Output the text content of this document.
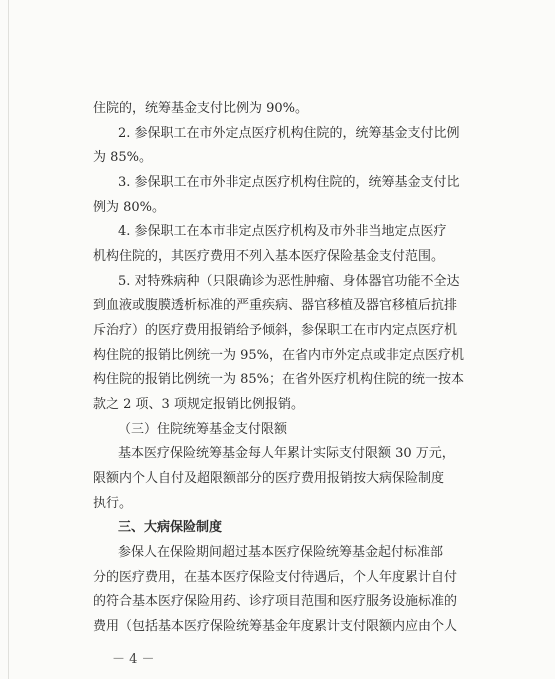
住院的，统筹基金支付比例为 90%。
2. 参保职工在市外定点医疗机构住院的，统筹基金支付比例
为 85%。
3. 参保职工在市外非定点医疗机构住院的，统筹基金支付比
例为 80%。
4. 参保职工在本市非定点医疗机构及市外非当地定点医疗
机构住院的，其医疗费用不列入基本医疗保险基金支付范围。
5. 对特殊病种（只限确诊为恶性肿瘤、身体器官功能不全达
到血液或腹膜透析标准的严重疾病、器官移植及器官移植后抗排
斥治疗）的医疗费用报销给予倾斜，参保职工在市内定点医疗机
构住院的报销比例统一为 95%，在省内市外定点或非定点医疗机
构住院的报销比例统一为 85%；在省外医疗机构住院的统一按本
款之 2 项、3 项规定报销比例报销。
（三）住院统筹基金支付限额
基本医疗保险统筹基金每人年累计实际支付限额 30 万元，
限额内个人自付及超限额部分的医疗费用报销按大病保险制度
执行。
三、大病保险制度
参保人在保险期间超过基本医疗保险统筹基金起付标准部
分的医疗费用，在基本医疗保险支付待遇后，个人年度累计自付
的符合基本医疗保险用药、诊疗项目范围和医疗服务设施标准的
费用（包括基本医疗保险统筹基金年度累计支付限额内应由个人
－ 4 －
